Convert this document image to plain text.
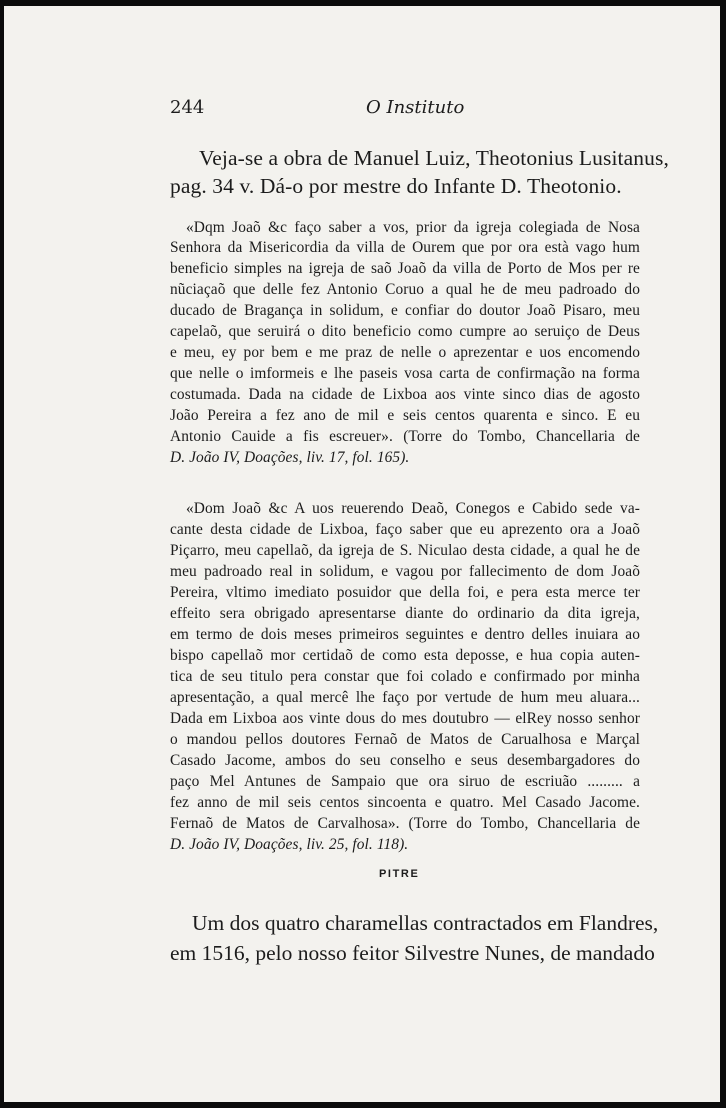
244	O Instituto
Veja-se a obra de Manuel Luiz, Theotonius Lusitanus,
pag. 34 v. Dá-o por mestre do Infante D. Theotonio.
«Dqm Joaõ &c faço saber a vos, prior da igreja colegiada de Nosa
Senhora da Misericordia da villa de Ourem que por ora està vago hum
beneficio simples na igreja de saõ Joaõ da villa de Porto de Mos per re
nũciaçaõ que delle fez Antonio Coruo a qual he de meu padroado do
ducado de Bragança in solidum, e confiar do doutor Joaõ Pisaro, meu
capelaõ, que seruirá o dito beneficio como cumpre ao seruiço de Deus
e meu, ey por bem e me praz de nelle o aprezentar e uos encomendo
que nelle o imformeis e lhe paseis vosa carta de confirmação na forma
costumada. Dada na cidade de Lixboa aos vinte sinco dias de agosto
João Pereira a fez ano de mil e seis centos quarenta e sinco. E eu
Antonio Cauide a fis escreuer». (Torre do Tombo, Chancellaria de
D. João IV, Doações, liv. 17, fol. 165).
«Dom Joaõ &c A uos reuerendo Deaõ, Conegos e Cabido sede va-
cante desta cidade de Lixboa, faço saber que eu aprezento ora a Joaõ
Piçarro, meu capellaõ, da igreja de S. Niculao desta cidade, a qual he de
meu padroado real in solidum, e vagou por fallecimento de dom Joaõ
Pereira, vltimo imediato posuidor que della foi, e pera esta merce ter
effeito sera obrigado apresentarse diante do ordinario da dita igreja,
em termo de dois meses primeiros seguintes e dentro delles inuiara ao
bispo capellaõ mor certidaõ de como esta deposse, e hua copia auten-
tica de seu titulo pera constar que foi colado e confirmado por minha
apresentação, a qual mercê lhe faço por vertude de hum meu aluara...
Dada em Lixboa aos vinte dous do mes doutubro — elRey nosso senhor
o mandou pellos doutores Fernaõ de Matos de Carualhosa e Marçal
Casado Jacome, ambos do seu conselho e seus desembargadores do
paço Mel Antunes de Sampaio que ora siruo de escriuão ......... a
fez anno de mil seis centos sincoenta e quatro. Mel Casado Jacome.
Fernaõ de Matos de Carvalhosa». (Torre do Tombo, Chancellaria de
D. João IV, Doações, liv. 25, fol. 118).
PITRE
Um dos quatro charamellas contractados em Flandres,
em 1516, pelo nosso feitor Silvestre Nunes, de mandado
